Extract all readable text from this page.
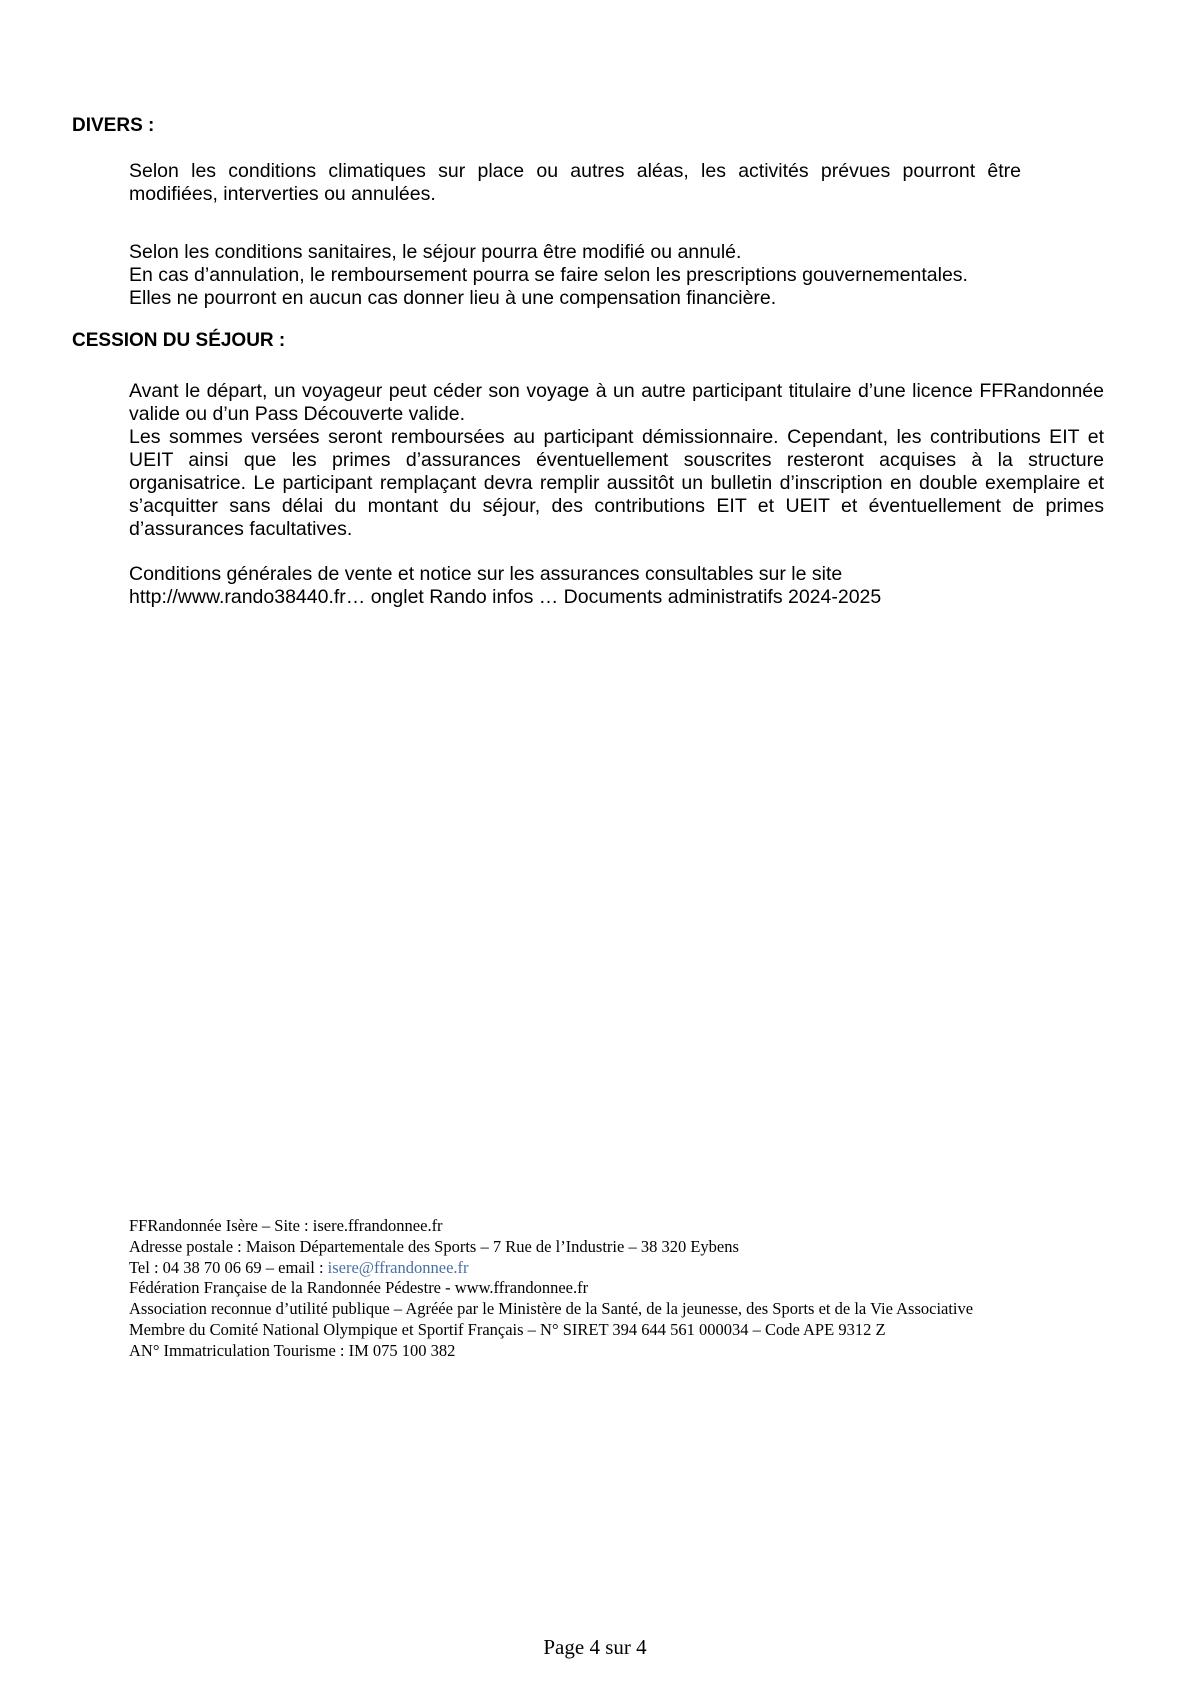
DIVERS :

Selon les conditions climatiques sur place ou autres aléas, les activités prévues pourront être modifiées, interverties ou annulées.

Selon les conditions sanitaires, le séjour pourra être modifié ou annulé.
En cas d’annulation, le remboursement pourra se faire selon les prescriptions gouvernementales.
Elles ne pourront en aucun cas donner lieu à une compensation financière.
CESSION DU SÉJOUR :

Avant le départ, un voyageur peut céder son voyage à un autre participant titulaire d’une licence FFRandonnée valide ou d’un Pass Découverte valide.

Les sommes versées seront remboursées au participant démissionnaire. Cependant, les contributions EIT et UEIT ainsi que les primes d’assurances éventuellement souscrites resteront acquises à la structure organisatrice. Le participant remplaçant devra remplir aussitôt un bulletin d’inscription en double exemplaire et s’acquitter sans délai du montant du séjour, des contributions EIT et UEIT et éventuellement de primes d’assurances facultatives.

Conditions générales de vente et notice sur les assurances consultables sur le site
http://www.rando38440.fr… onglet Rando infos … Documents administratifs 2024-2025
FFRandonnée Isère – Site : isere.ffrandonnee.fr
Adresse postale : Maison Départementale des Sports – 7 Rue de l’Industrie – 38 320 Eybens
Tel : 04 38 70 06 69 – email : isere@ffrandonnee.fr
Fédération Française de la Randonnée Pédestre - www.ffrandonnee.fr
Association reconnue d’utilité publique – Agréée par le Ministère de la Santé, de la jeunesse, des Sports et de la Vie Associative
Membre du Comité National Olympique et Sportif Français – N° SIRET 394 644 561 000034 – Code APE 9312 Z
AN° Immatriculation Tourisme : IM 075 100 382
Page 4 sur 4
